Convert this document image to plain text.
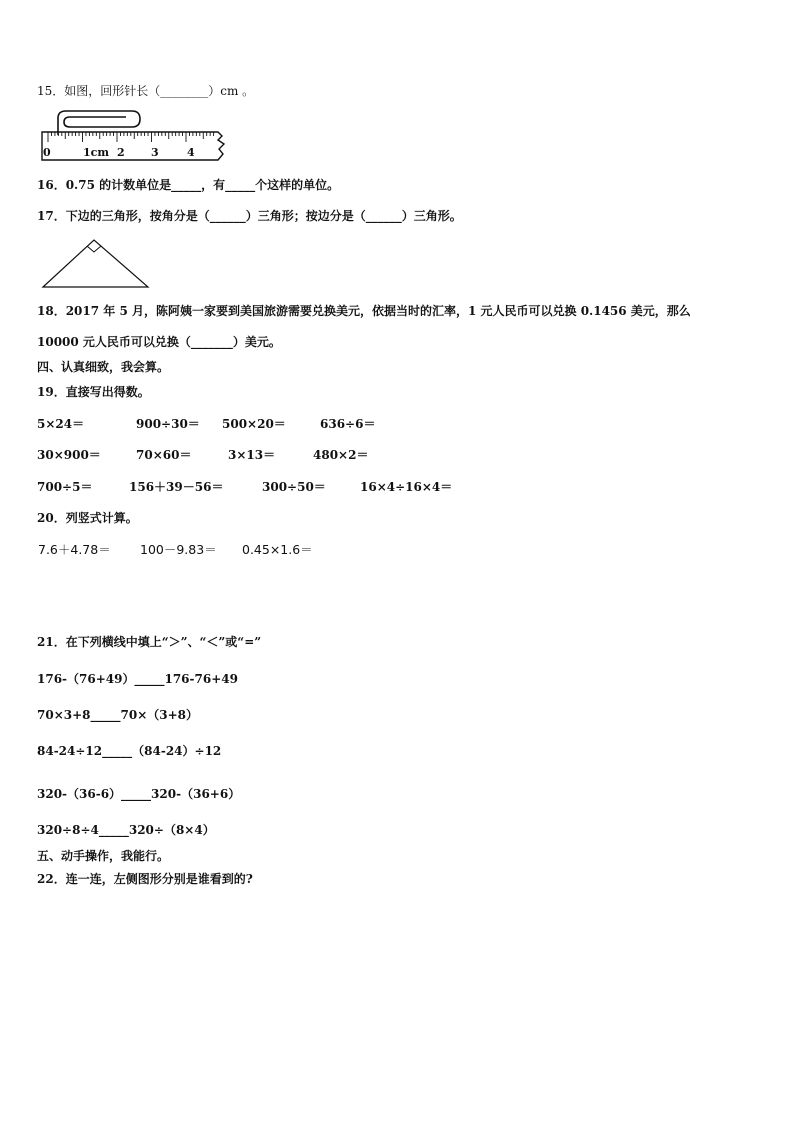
15．如图，回形针长（________）cm 。
0	1cm 2 3	4
16．0.75 的计数单位是_____，有_____个这样的单位。
17．下边的三角形，按角分是（______）三角形；按边分是（______）三角形。
18．2017 年 5 月，陈阿姨一家要到美国旅游需要兑换美元，依据当时的汇率，1 元人民币可以兑换 0.1456 美元，那么
10000 元人民币可以兑换（_______）美元。
四、认真细致，我会算。
19．直接写出得数。
5×24＝	900÷30＝ 500×20＝	636÷6＝
30×900＝	70×60＝	3×13＝	480×2＝
700÷5＝	156＋39－56＝	300÷50＝	16×4÷16×4＝
20．列竖式计算。
7.6＋4.78＝ 100－9.83＝ 0.45×1.6＝
21．在下列横线中填上“＞”、“＜”或“=”
176-（76+49）_____176-76+49
70×3+8_____70×（3+8）
84-24÷12_____（84-24）÷12
320-（36-6）_____320-（36+6）
320÷8÷4_____320÷（8×4）
五、动手操作，我能行。
22．连一连，左侧图形分别是谁看到的?
